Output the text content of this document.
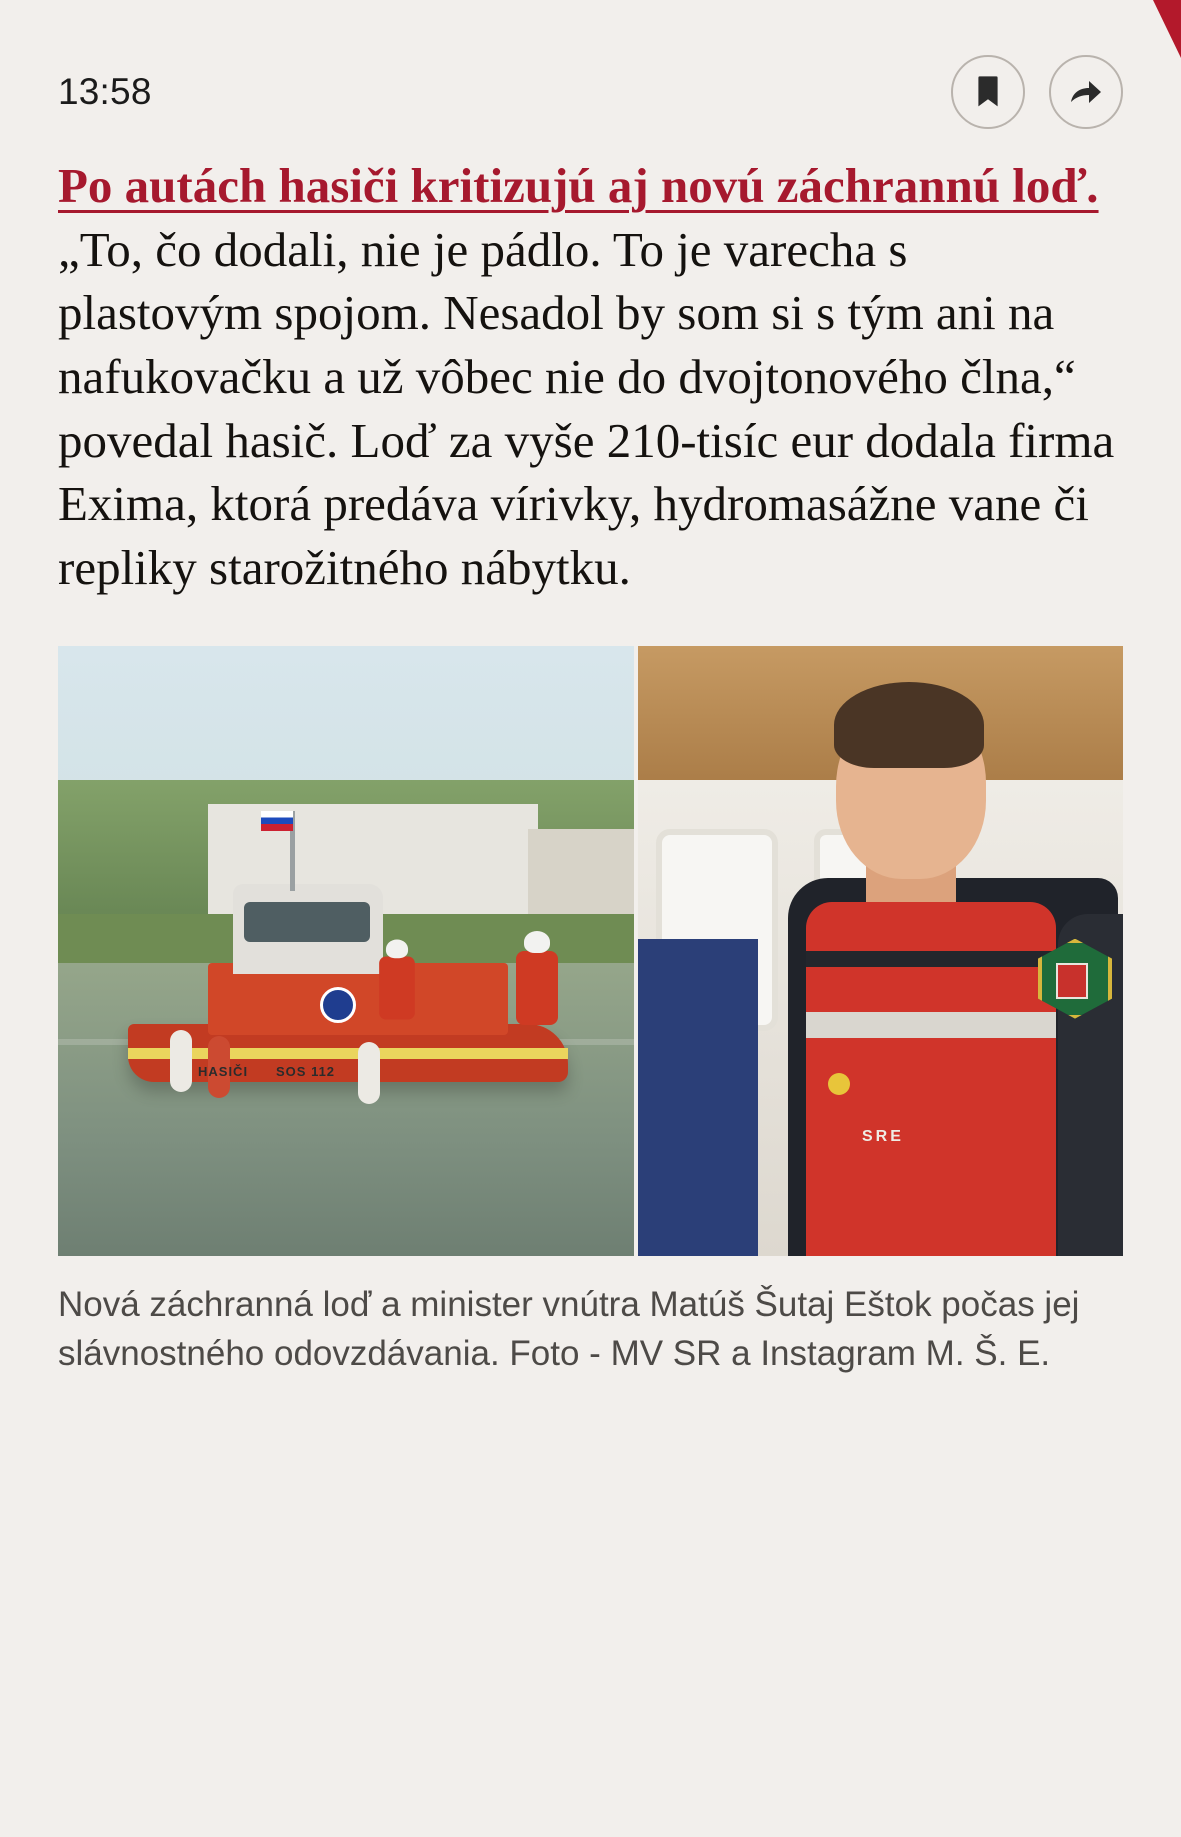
13:58
Po autách hasiči kritizujú aj novú záchrannú loď. „To, čo dodali, nie je pádlo. To je varecha s plastovým spojom. Nesadol by som si s tým ani na nafukovačku a už vôbec nie do dvojtonového člna,“ povedal hasič. Loď za vyše 210-tisíc eur dodala firma Exima, ktorá predáva vírivky, hydromasážne vane či repliky starožitného nábytku.
HASIČI SOS 112
SRE
Nová záchranná loď a minister vnútra Matúš Šutaj Eštok počas jej slávnostného odovzdávania. Foto - MV SR a Instagram M. Š. E.
